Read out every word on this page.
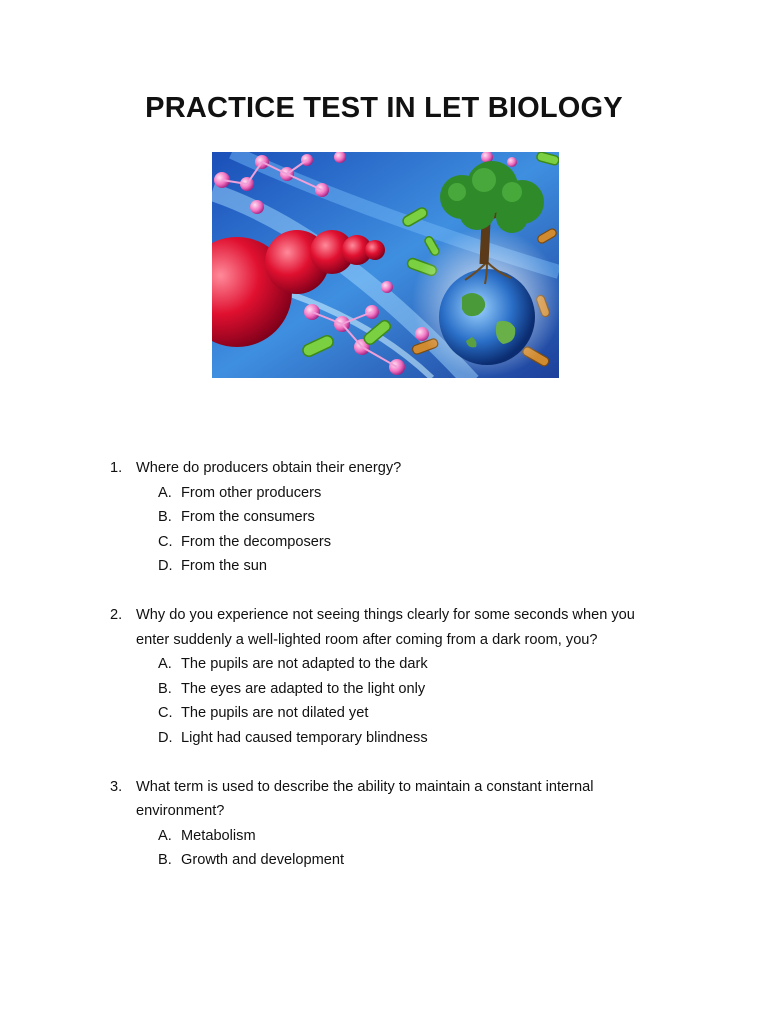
PRACTICE TEST IN LET BIOLOGY
1. Where do producers obtain their energy?
A. From other producers
B. From the consumers
C. From the decomposers
D. From the sun
2. Why do you experience not seeing things clearly for some seconds when you enter suddenly a well-lighted room after coming from a dark room, you?
A. The pupils are not adapted to the dark
B. The eyes are adapted to the light only
C. The pupils are not dilated yet
D. Light had caused temporary blindness
3. What term is used to describe the ability to maintain a constant internal environment?
A. Metabolism
B. Growth and development
